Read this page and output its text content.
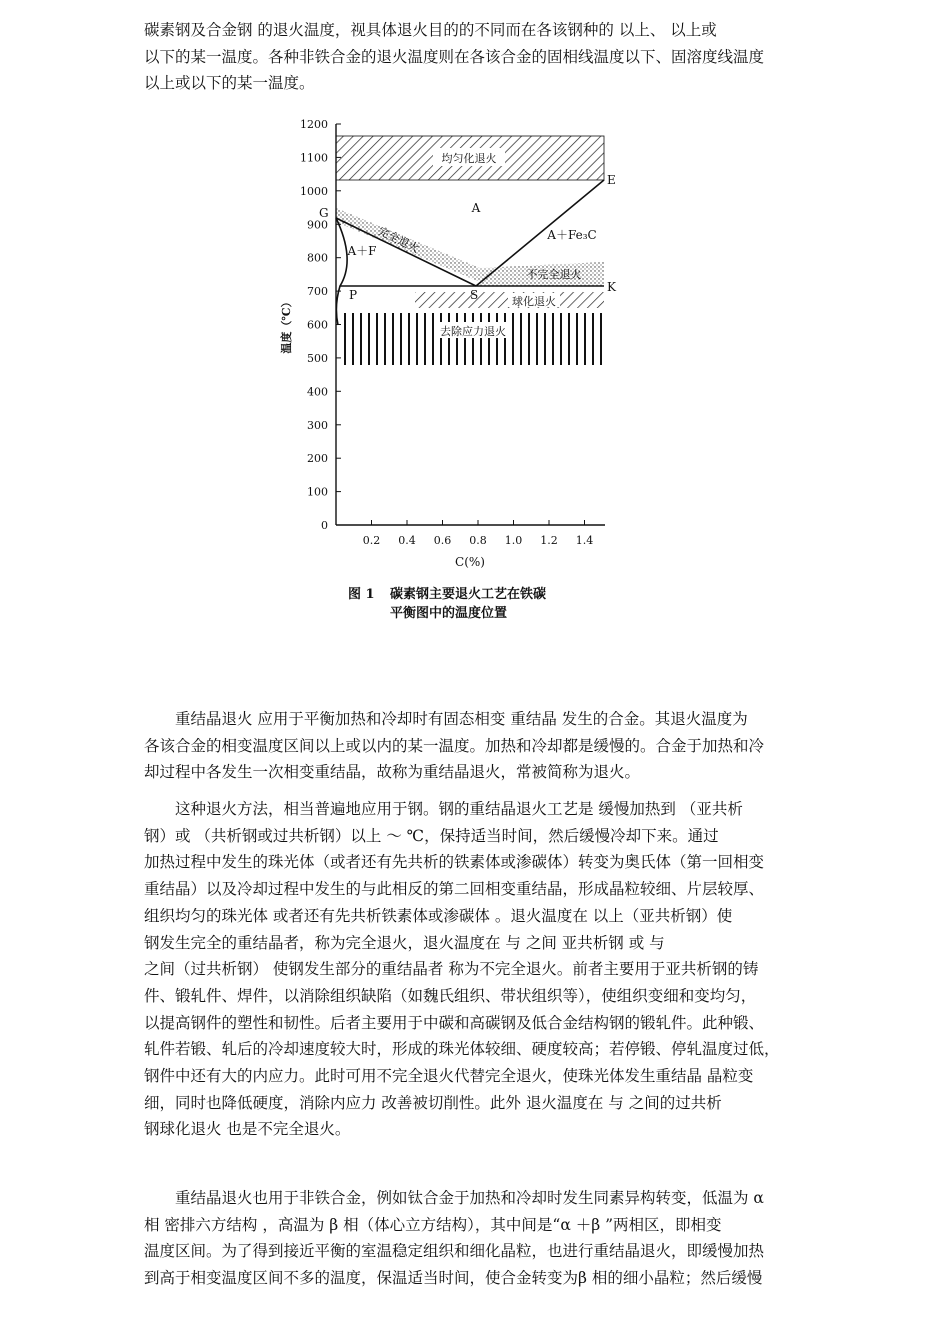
碳素钢及合金钢 的退火温度，视具体退火目的的不同而在各该钢种的 以上、 以上或
以下的某一温度。各种非铁合金的退火温度则在各该合金的固相线温度以下、固溶度线温度
以上或以下的某一温度。
1200
1100
1000
900
800
700
600
500
400
300
200
100
0
0.2 0.4 0.6 0.8 1.0 1.2 1.4
C(%)
温度（℃）
均匀化退火
球化退火
去除应力退火
完全退火
不完全退火
A
A＋F
A＋Fe₃C
G
P	S
E
K
图 1 碳素钢主要退火工艺在铁碳
平衡图中的温度位置
重结晶退火 应用于平衡加热和冷却时有固态相变 重结晶 发生的合金。其退火温度为
各该合金的相变温度区间以上或以内的某一温度。加热和冷却都是缓慢的。合金于加热和冷
却过程中各发生一次相变重结晶，故称为重结晶退火，常被简称为退火。
这种退火方法，相当普遍地应用于钢。钢的重结晶退火工艺是 缓慢加热到 （亚共析
钢）或 （共析钢或过共析钢）以上 ～ ℃，保持适当时间，然后缓慢冷却下来。通过
加热过程中发生的珠光体（或者还有先共析的铁素体或渗碳体）转变为奥氏体（第一回相变
重结晶）以及冷却过程中发生的与此相反的第二回相变重结晶，形成晶粒较细、片层较厚、
组织均匀的珠光体 或者还有先共析铁素体或渗碳体 。退火温度在 以上（亚共析钢）使
钢发生完全的重结晶者，称为完全退火，退火温度在 与 之间 亚共析钢 或 与
之间（过共析钢） 使钢发生部分的重结晶者 称为不完全退火。前者主要用于亚共析钢的铸
件、锻轧件、焊件，以消除组织缺陷（如魏氏组织、带状组织等），使组织变细和变均匀，
以提高钢件的塑性和韧性。后者主要用于中碳和高碳钢及低合金结构钢的锻轧件。此种锻、
轧件若锻、轧后的冷却速度较大时，形成的珠光体较细、硬度较高；若停锻、停轧温度过低，
钢件中还有大的内应力。此时可用不完全退火代替完全退火，使珠光体发生重结晶 晶粒变
细，同时也降低硬度，消除内应力 改善被切削性。此外 退火温度在 与 之间的过共析
钢球化退火 也是不完全退火。
重结晶退火也用于非铁合金，例如钛合金于加热和冷却时发生同素异构转变，低温为 α
相 密排六方结构 ，高温为 β 相（体心立方结构），其中间是“α ＋β ”两相区，即相变
温度区间。为了得到接近平衡的室温稳定组织和细化晶粒，也进行重结晶退火，即缓慢加热
到高于相变温度区间不多的温度，保温适当时间，使合金转变为β 相的细小晶粒；然后缓慢
